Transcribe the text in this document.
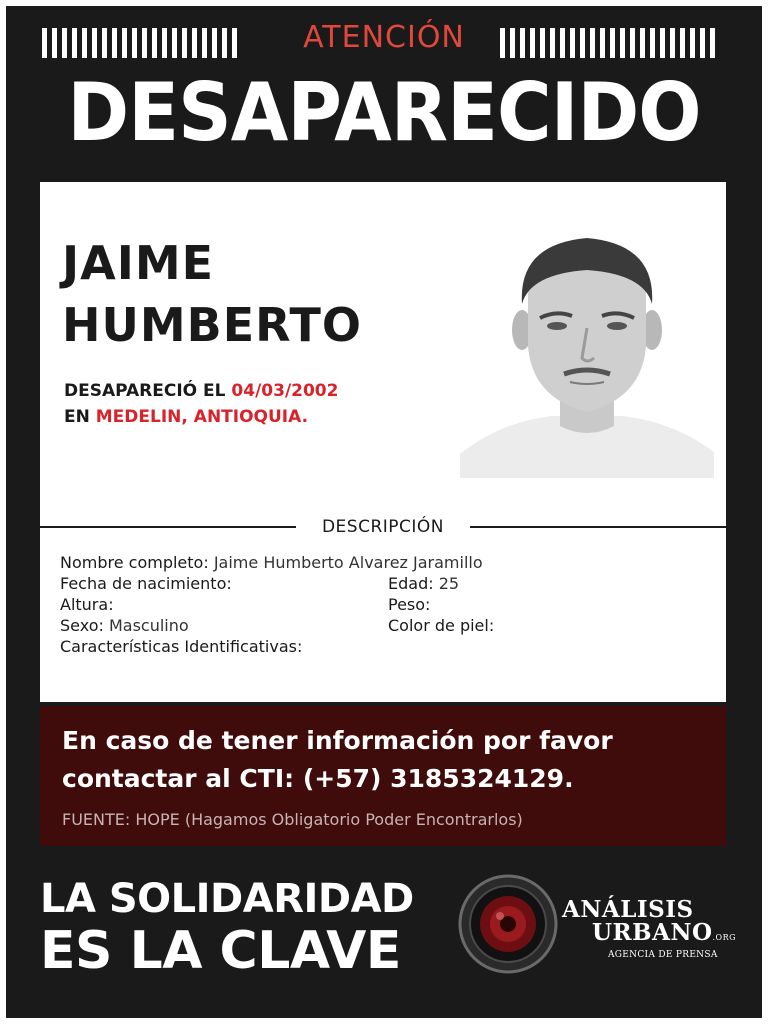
ATENCIÓN
DESAPARECIDO
JAIME
HUMBERTO
DESAPARECIÓ EL 04/03/2002
EN MEDELIN, ANTIOQUIA.
DESCRIPCIÓN
Nombre completo: Jaime Humberto Alvarez Jaramillo
Fecha de nacimiento:	Edad: 25
Altura:	Peso:
Sexo: Masculino	Color de piel:
Características Identificativas:
En caso de tener información por favor
contactar al CTI: (+57) 3185324129.
FUENTE: HOPE (Hagamos Obligatorio Poder Encontrarlos)
LA SOLIDARIDAD
ES LA CLAVE
ANÁLISIS
URBANO.ORG
AGENCIA DE PRENSA
